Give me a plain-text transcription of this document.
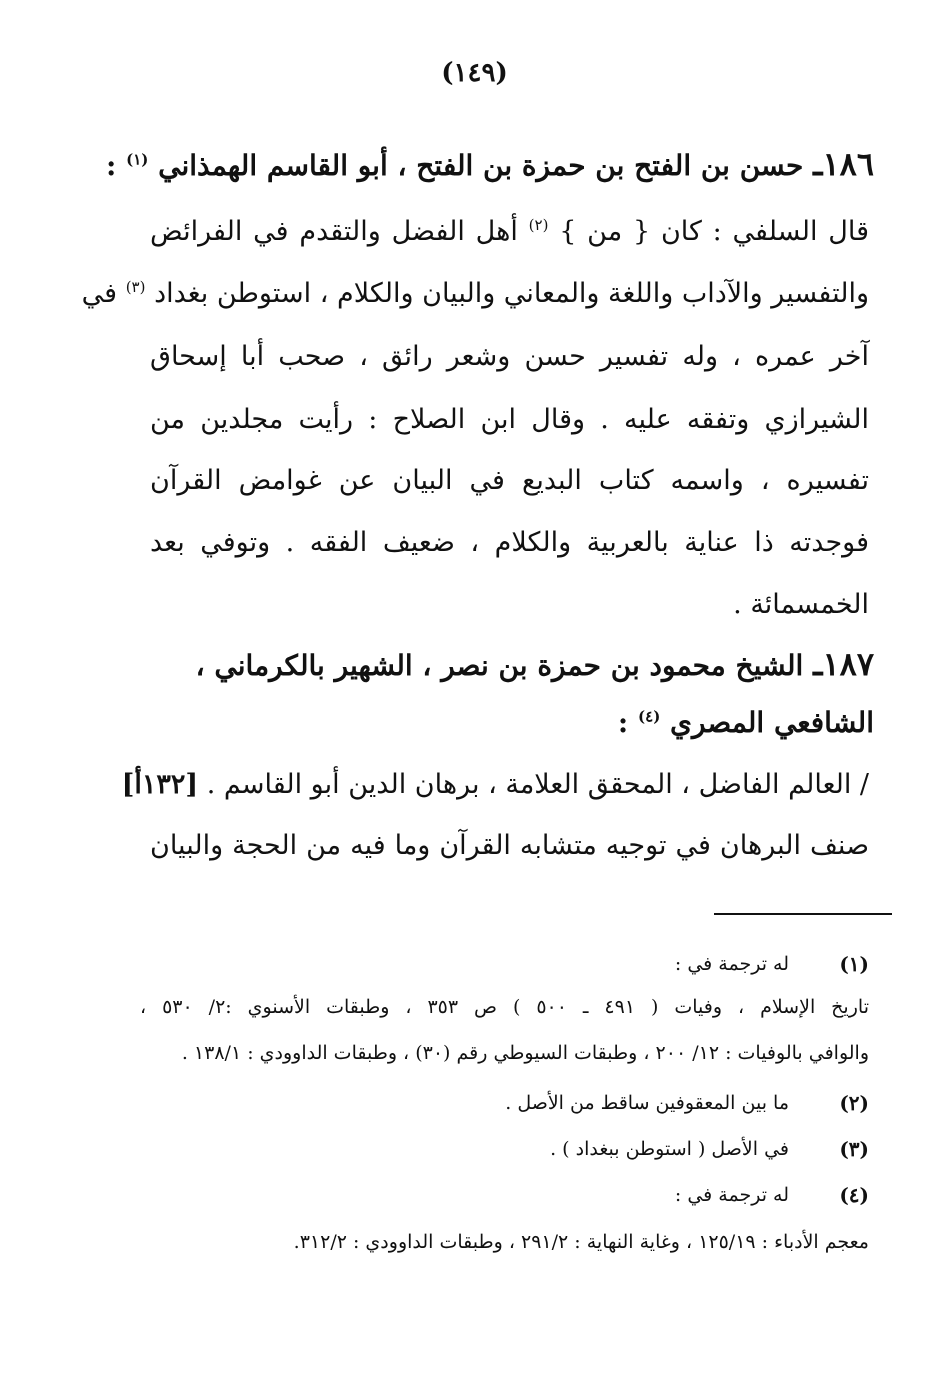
(١٤٩)
١٨٦ـ حسن بن الفتح بن حمزة بن الفتح ، أبو القاسم الهمذاني $^{(١)}$ :
قال السلفي : كان { من } $^{(٢)}$ أهل الفضل والتقدم في الفرائض
والتفسير والآداب واللغة والمعاني والبيان والكلام ، استوطن بغداد $^{(٣)}$ في
آخر عمره ، وله تفسير حسن وشعر رائق ، صحب أبا إسحاق
الشيرازي وتفقه عليه . وقال ابن الصلاح : رأيت مجلدين من
تفسيره ، واسمه كتاب البديع في البيان عن غوامض القرآن
فوجدته ذا عناية بالعربية والكلام ، ضعيف الفقه . وتوفي بعد
الخمسمائة .
١٨٧ـ الشيخ محمود بن حمزة بن نصر ، الشهير بالكرماني ،
الشافعي المصري $^{(٤)}$ :
/ العالم الفاضل ، المحقق العلامة ، برهان الدين أبو القاسم . [١٣٢أ]
صنف البرهان في توجيه متشابه القرآن وما فيه من الحجة والبيان
(١)
له ترجمة في :
تاريخ الإسلام ، وفيات ( ٤٩١ ـ ٥٠٠ ) ص ٣٥٣ ، وطبقات الأسنوي :٢/ ٥٣٠ ،
والوافي بالوفيات : ١٢/ ٢٠٠ ، وطبقات السيوطي رقم (٣٠) ، وطبقات الداوودي : ١٣٨/١ .
(٢)
ما بين المعقوفين ساقط من الأصل .
(٣)
في الأصل ( استوطن ببغداد ) .
(٤)
له ترجمة في :
معجم الأدباء : ١٢٥/١٩ ، وغاية النهاية : ٢٩١/٢ ، وطبقات الداوودي : ٣١٢/٢.
